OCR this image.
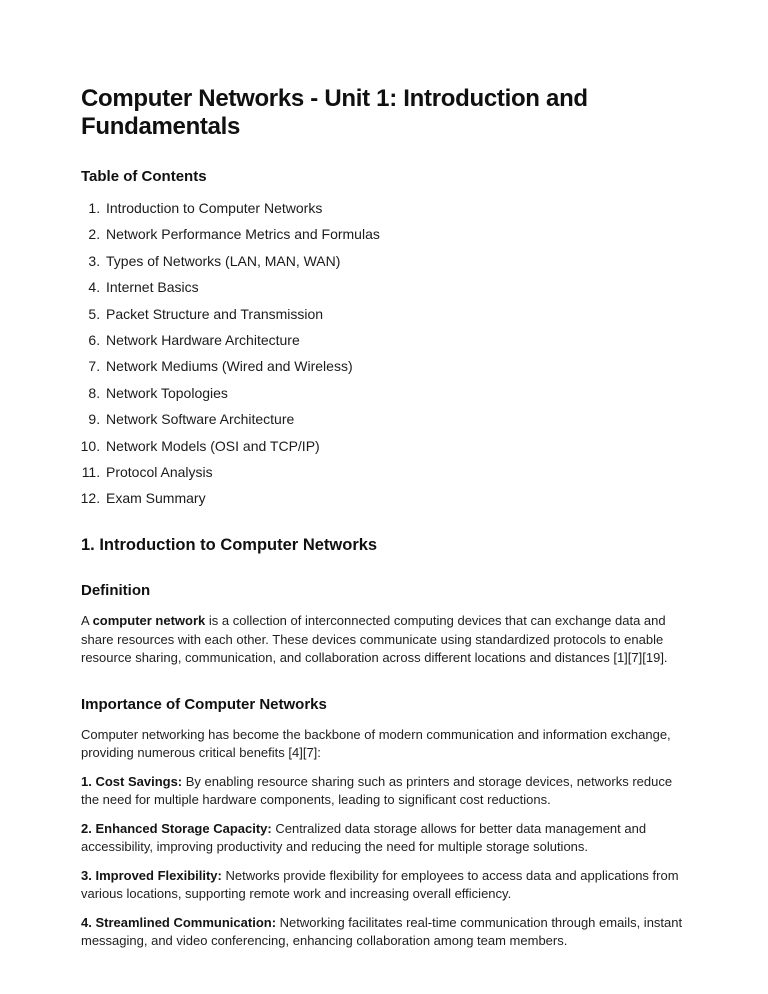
Computer Networks - Unit 1: Introduction and Fundamentals
Table of Contents
1. Introduction to Computer Networks
2. Network Performance Metrics and Formulas
3. Types of Networks (LAN, MAN, WAN)
4. Internet Basics
5. Packet Structure and Transmission
6. Network Hardware Architecture
7. Network Mediums (Wired and Wireless)
8. Network Topologies
9. Network Software Architecture
10. Network Models (OSI and TCP/IP)
11. Protocol Analysis
12. Exam Summary
1. Introduction to Computer Networks
Definition

A computer network is a collection of interconnected computing devices that can exchange data and share resources with each other. These devices communicate using standardized protocols to enable resource sharing, communication, and collaboration across different locations and distances [1][7][19].

Importance of Computer Networks

Computer networking has become the backbone of modern communication and information exchange, providing numerous critical benefits [4][7]:

1. Cost Savings: By enabling resource sharing such as printers and storage devices, networks reduce the need for multiple hardware components, leading to significant cost reductions.

2. Enhanced Storage Capacity: Centralized data storage allows for better data management and accessibility, improving productivity and reducing the need for multiple storage solutions.

3. Improved Flexibility: Networks provide flexibility for employees to access data and applications from various locations, supporting remote work and increasing overall efficiency.

4. Streamlined Communication: Networking facilitates real-time communication through emails, instant messaging, and video conferencing, enhancing collaboration among team members.
